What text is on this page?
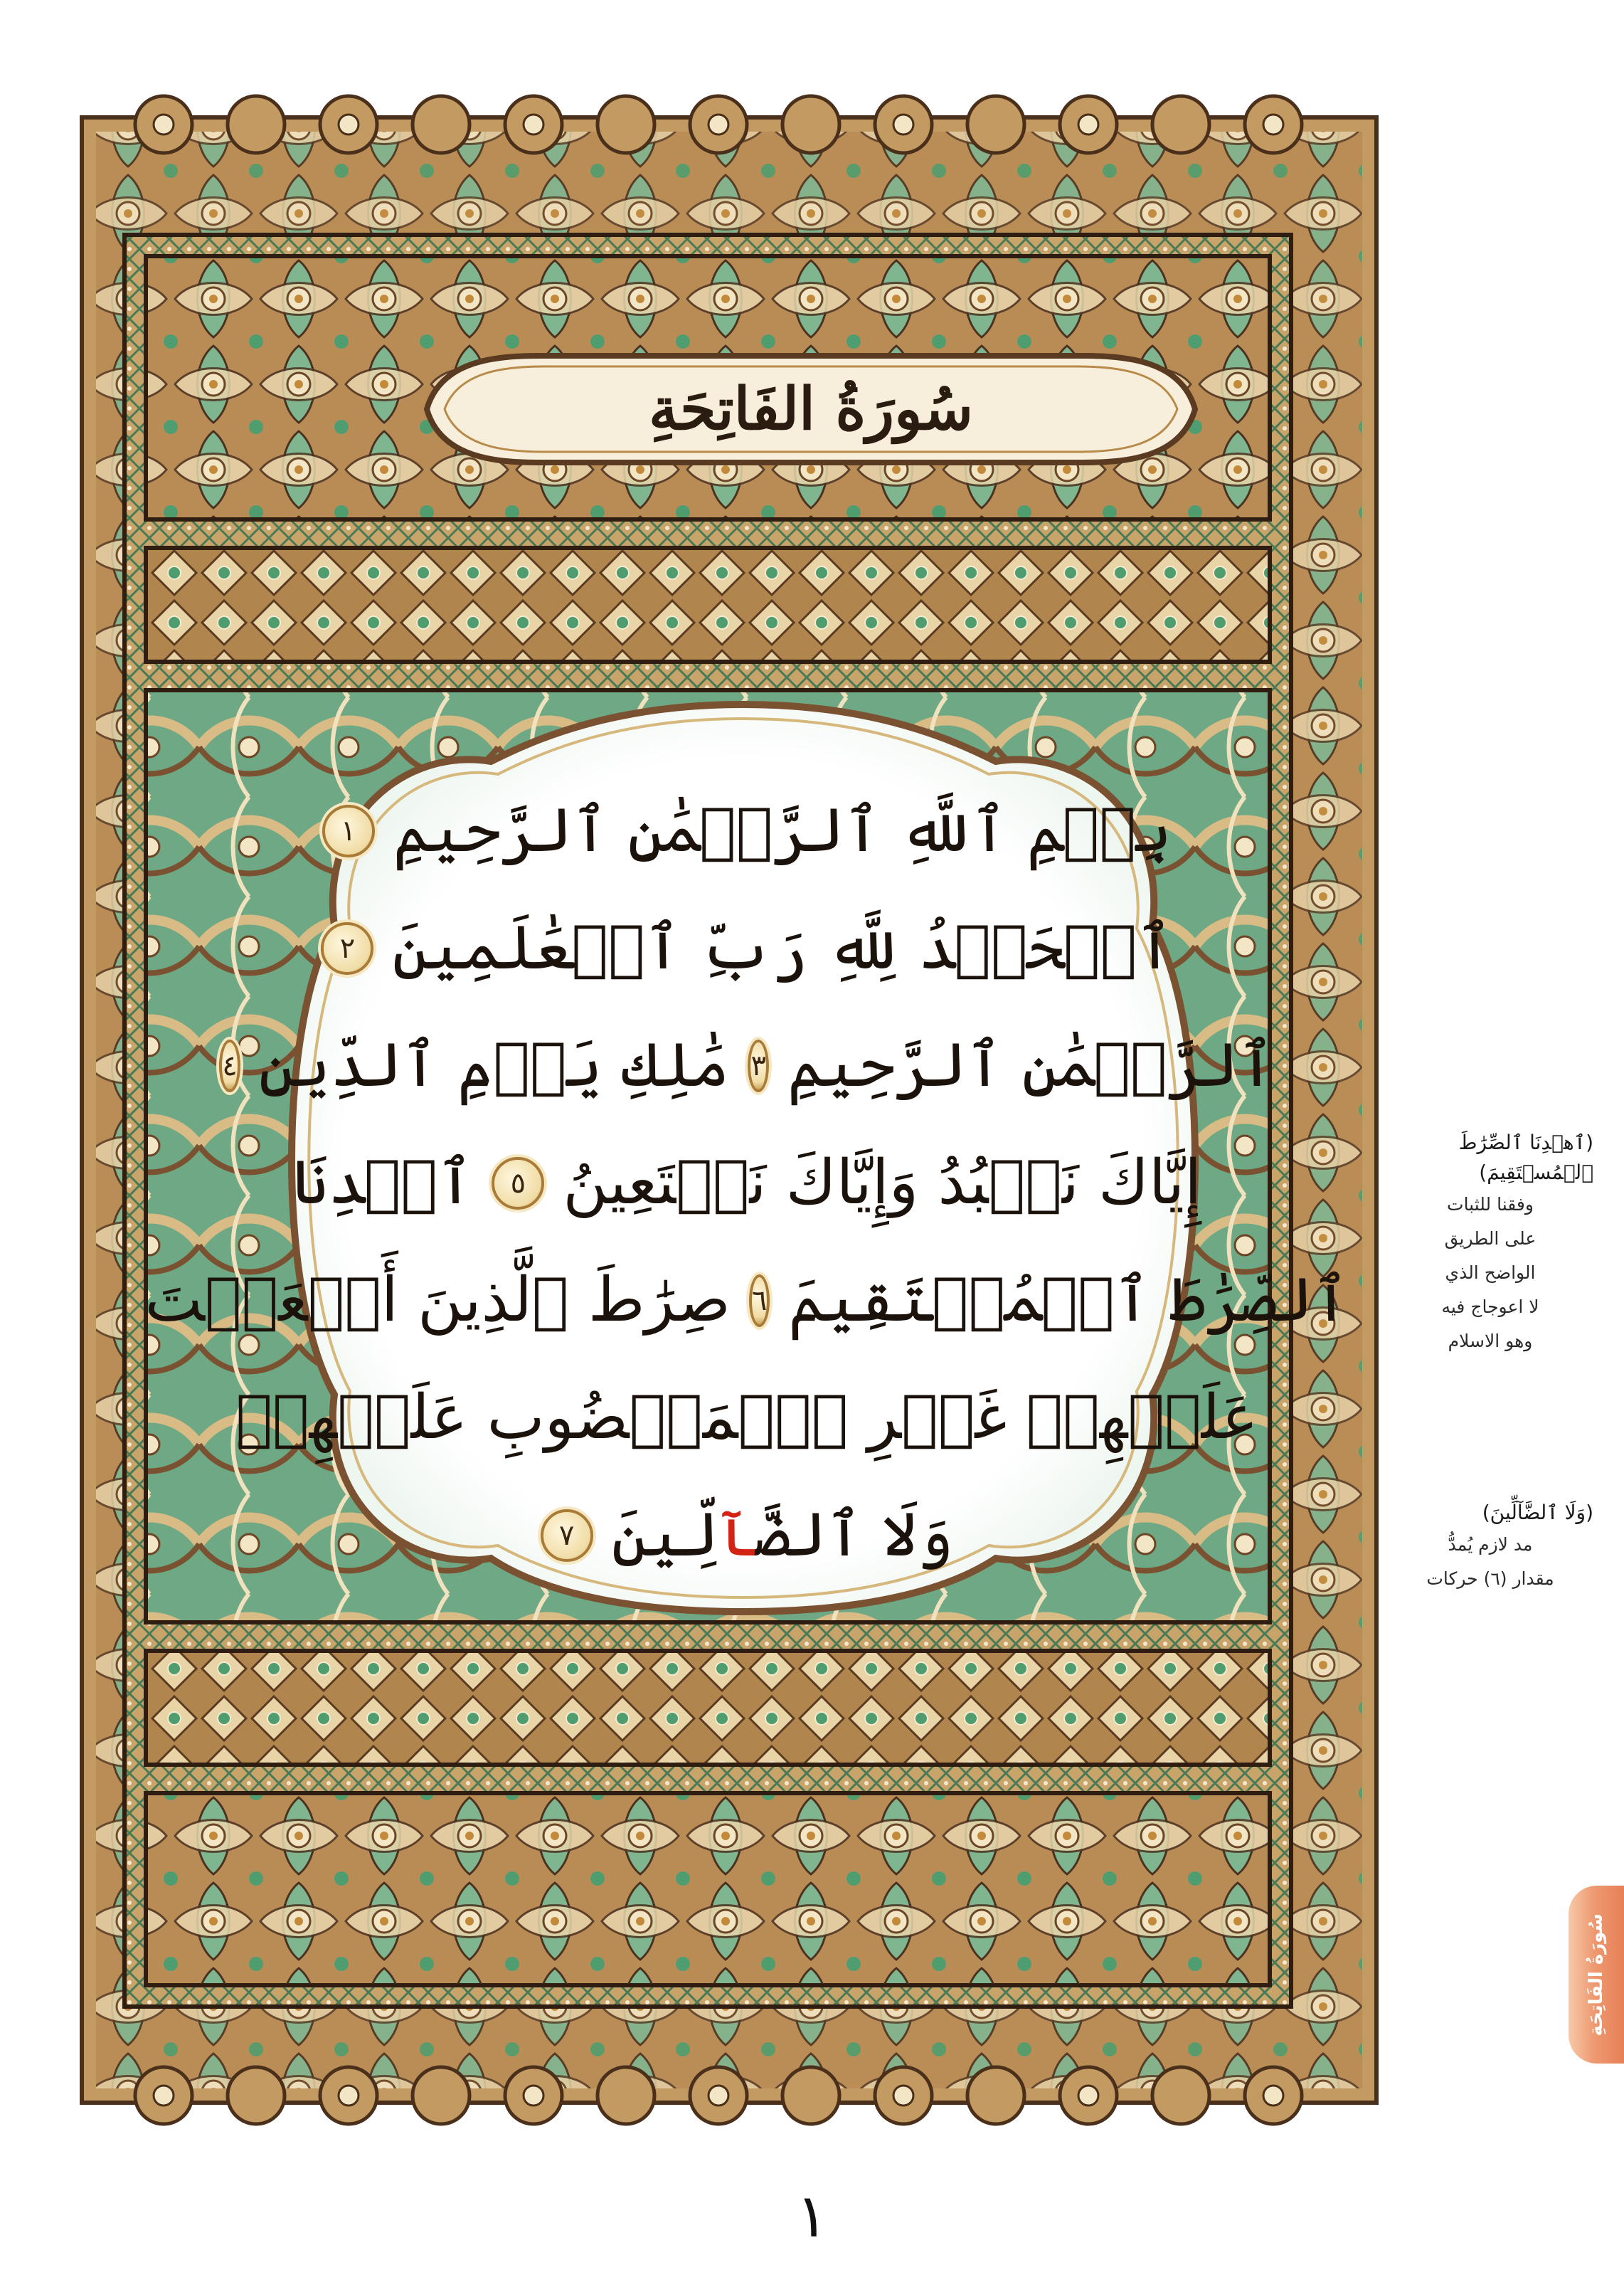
سُورَةُ الفَاتِحَةِ
بِسۡمِ ٱللَّهِ ٱلرَّحۡمَٰنِ ٱلرَّحِيمِ
١
ٱلۡحَمۡدُ لِلَّهِ رَبِّ ٱلۡعَٰلَمِينَ
٢
ٱلرَّحۡمَٰنِ ٱلرَّحِيمِ
٣
مَٰلِكِ يَوۡمِ ٱلدِّينِ
٤
إِيَّاكَ نَعۡبُدُ وَإِيَّاكَ نَسۡتَعِينُ
٥
ٱهۡدِنَا
ٱلصِّرَٰطَ ٱلۡمُسۡتَقِيمَ
٦
صِرَٰطَ ٱلَّذِينَ أَنۡعَمۡتَ
عَلَيۡهِمۡ غَيۡرِ ٱلۡمَغۡضُوبِ عَلَيۡهِمۡ
وَلَا ٱلضَّآلِّينَ
٧
(ٱهۡدِنَا ٱلصِّرَٰطَ
ٱلۡمُسۡتَقِيمَ)
وفقنا للثبات
على الطريق
الواضح الذي
لا اعوجاج فيه
وهو الاسلام
(وَلَا ٱلضَّآلِّينَ)
مد لازم يُمدُّ
مقدار (٦) حركات
سُورَةُ الفَاتِحَةِ
١
